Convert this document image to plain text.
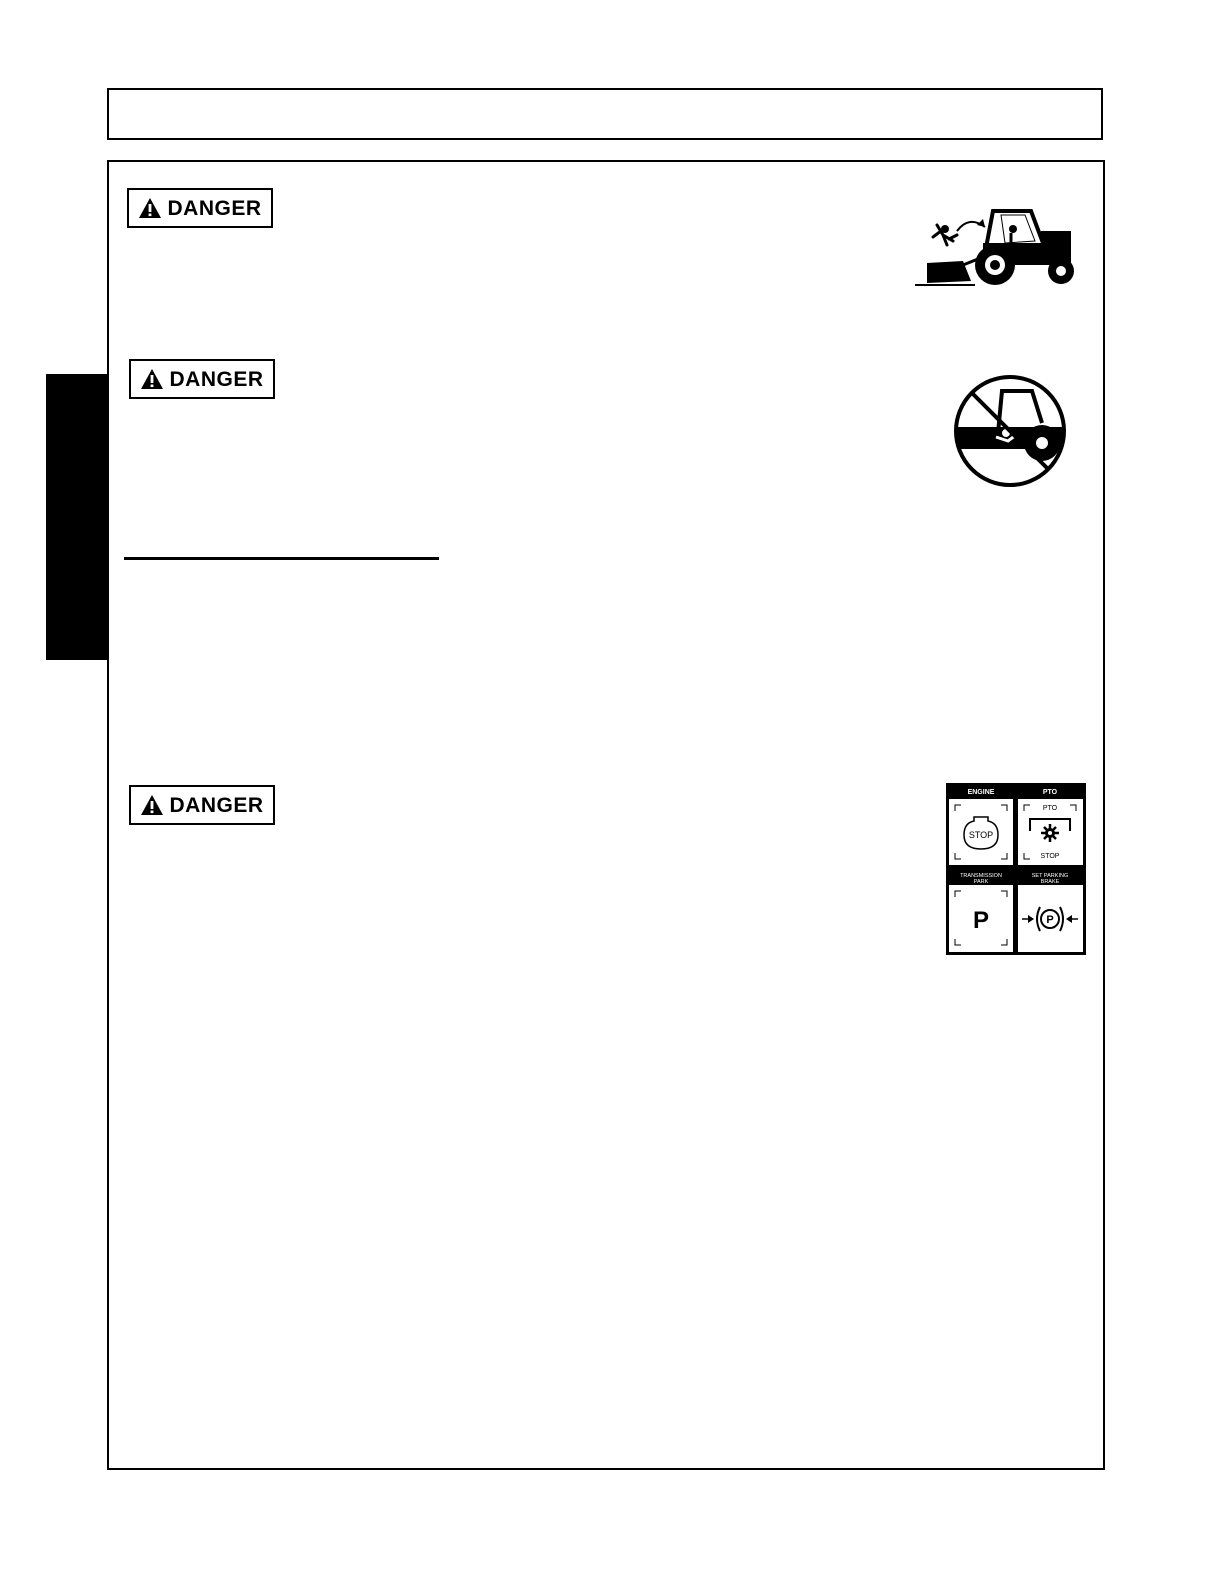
DANGER
DANGER
DANGER
ENGINE	PTO
TRANSMISSION
PARK
SET PARKING
BRAKE
STOP
PTO
STOP
P	P
